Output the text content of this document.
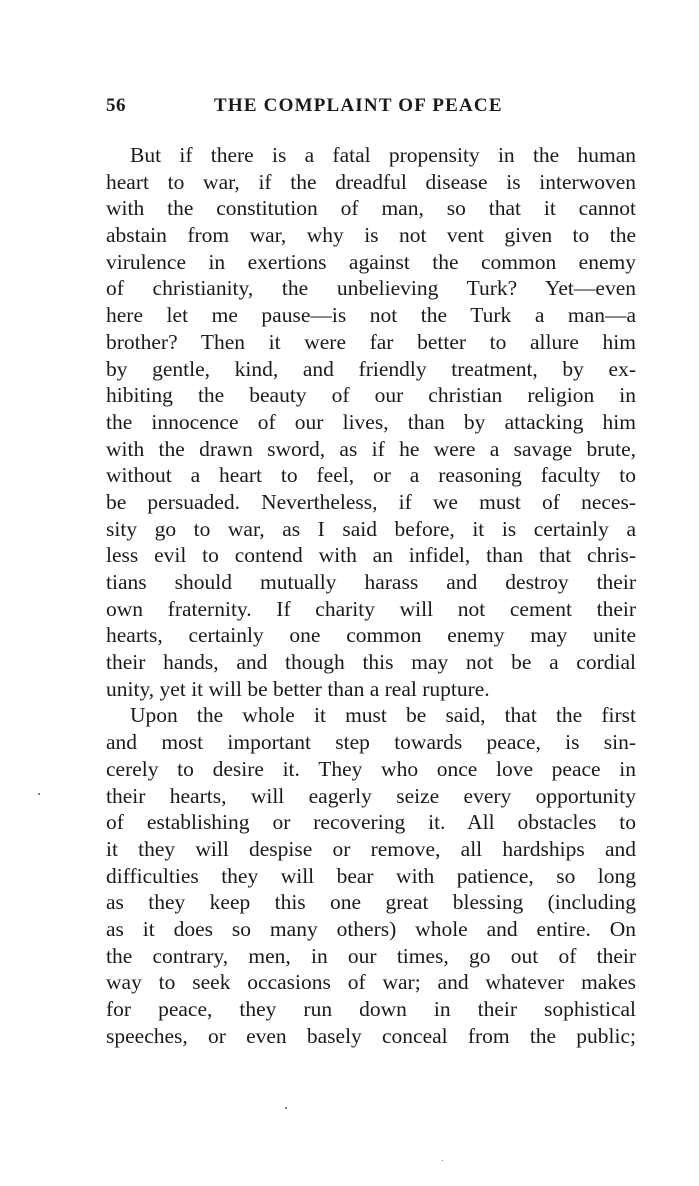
56	THE COMPLAINT OF PEACE
But if there is a fatal propensity in the human
heart to war, if the dreadful disease is interwoven
with the constitution of man, so that it cannot
abstain from war, why is not vent given to the
virulence in exertions against the common enemy
of christianity, the unbelieving Turk? Yet—even
here let me pause—is not the Turk a man—a
brother? Then it were far better to allure him
by gentle, kind, and friendly treatment, by ex-
hibiting the beauty of our christian religion in
the innocence of our lives, than by attacking him
with the drawn sword, as if he were a savage brute,
without a heart to feel, or a reasoning faculty to
be persuaded. Nevertheless, if we must of neces-
sity go to war, as I said before, it is certainly a
less evil to contend with an infidel, than that chris-
tians should mutually harass and destroy their
own fraternity. If charity will not cement their
hearts, certainly one common enemy may unite
their hands, and though this may not be a cordial
unity, yet it will be better than a real rupture.
Upon the whole it must be said, that the first
and most important step towards peace, is sin-
cerely to desire it. They who once love peace in
their hearts, will eagerly seize every opportunity
of establishing or recovering it. All obstacles to
it they will despise or remove, all hardships and
difficulties they will bear with patience, so long
as they keep this one great blessing (including
as it does so many others) whole and entire. On
the contrary, men, in our times, go out of their
way to seek occasions of war; and whatever makes
for peace, they run down in their sophistical
speeches, or even basely conceal from the public;
